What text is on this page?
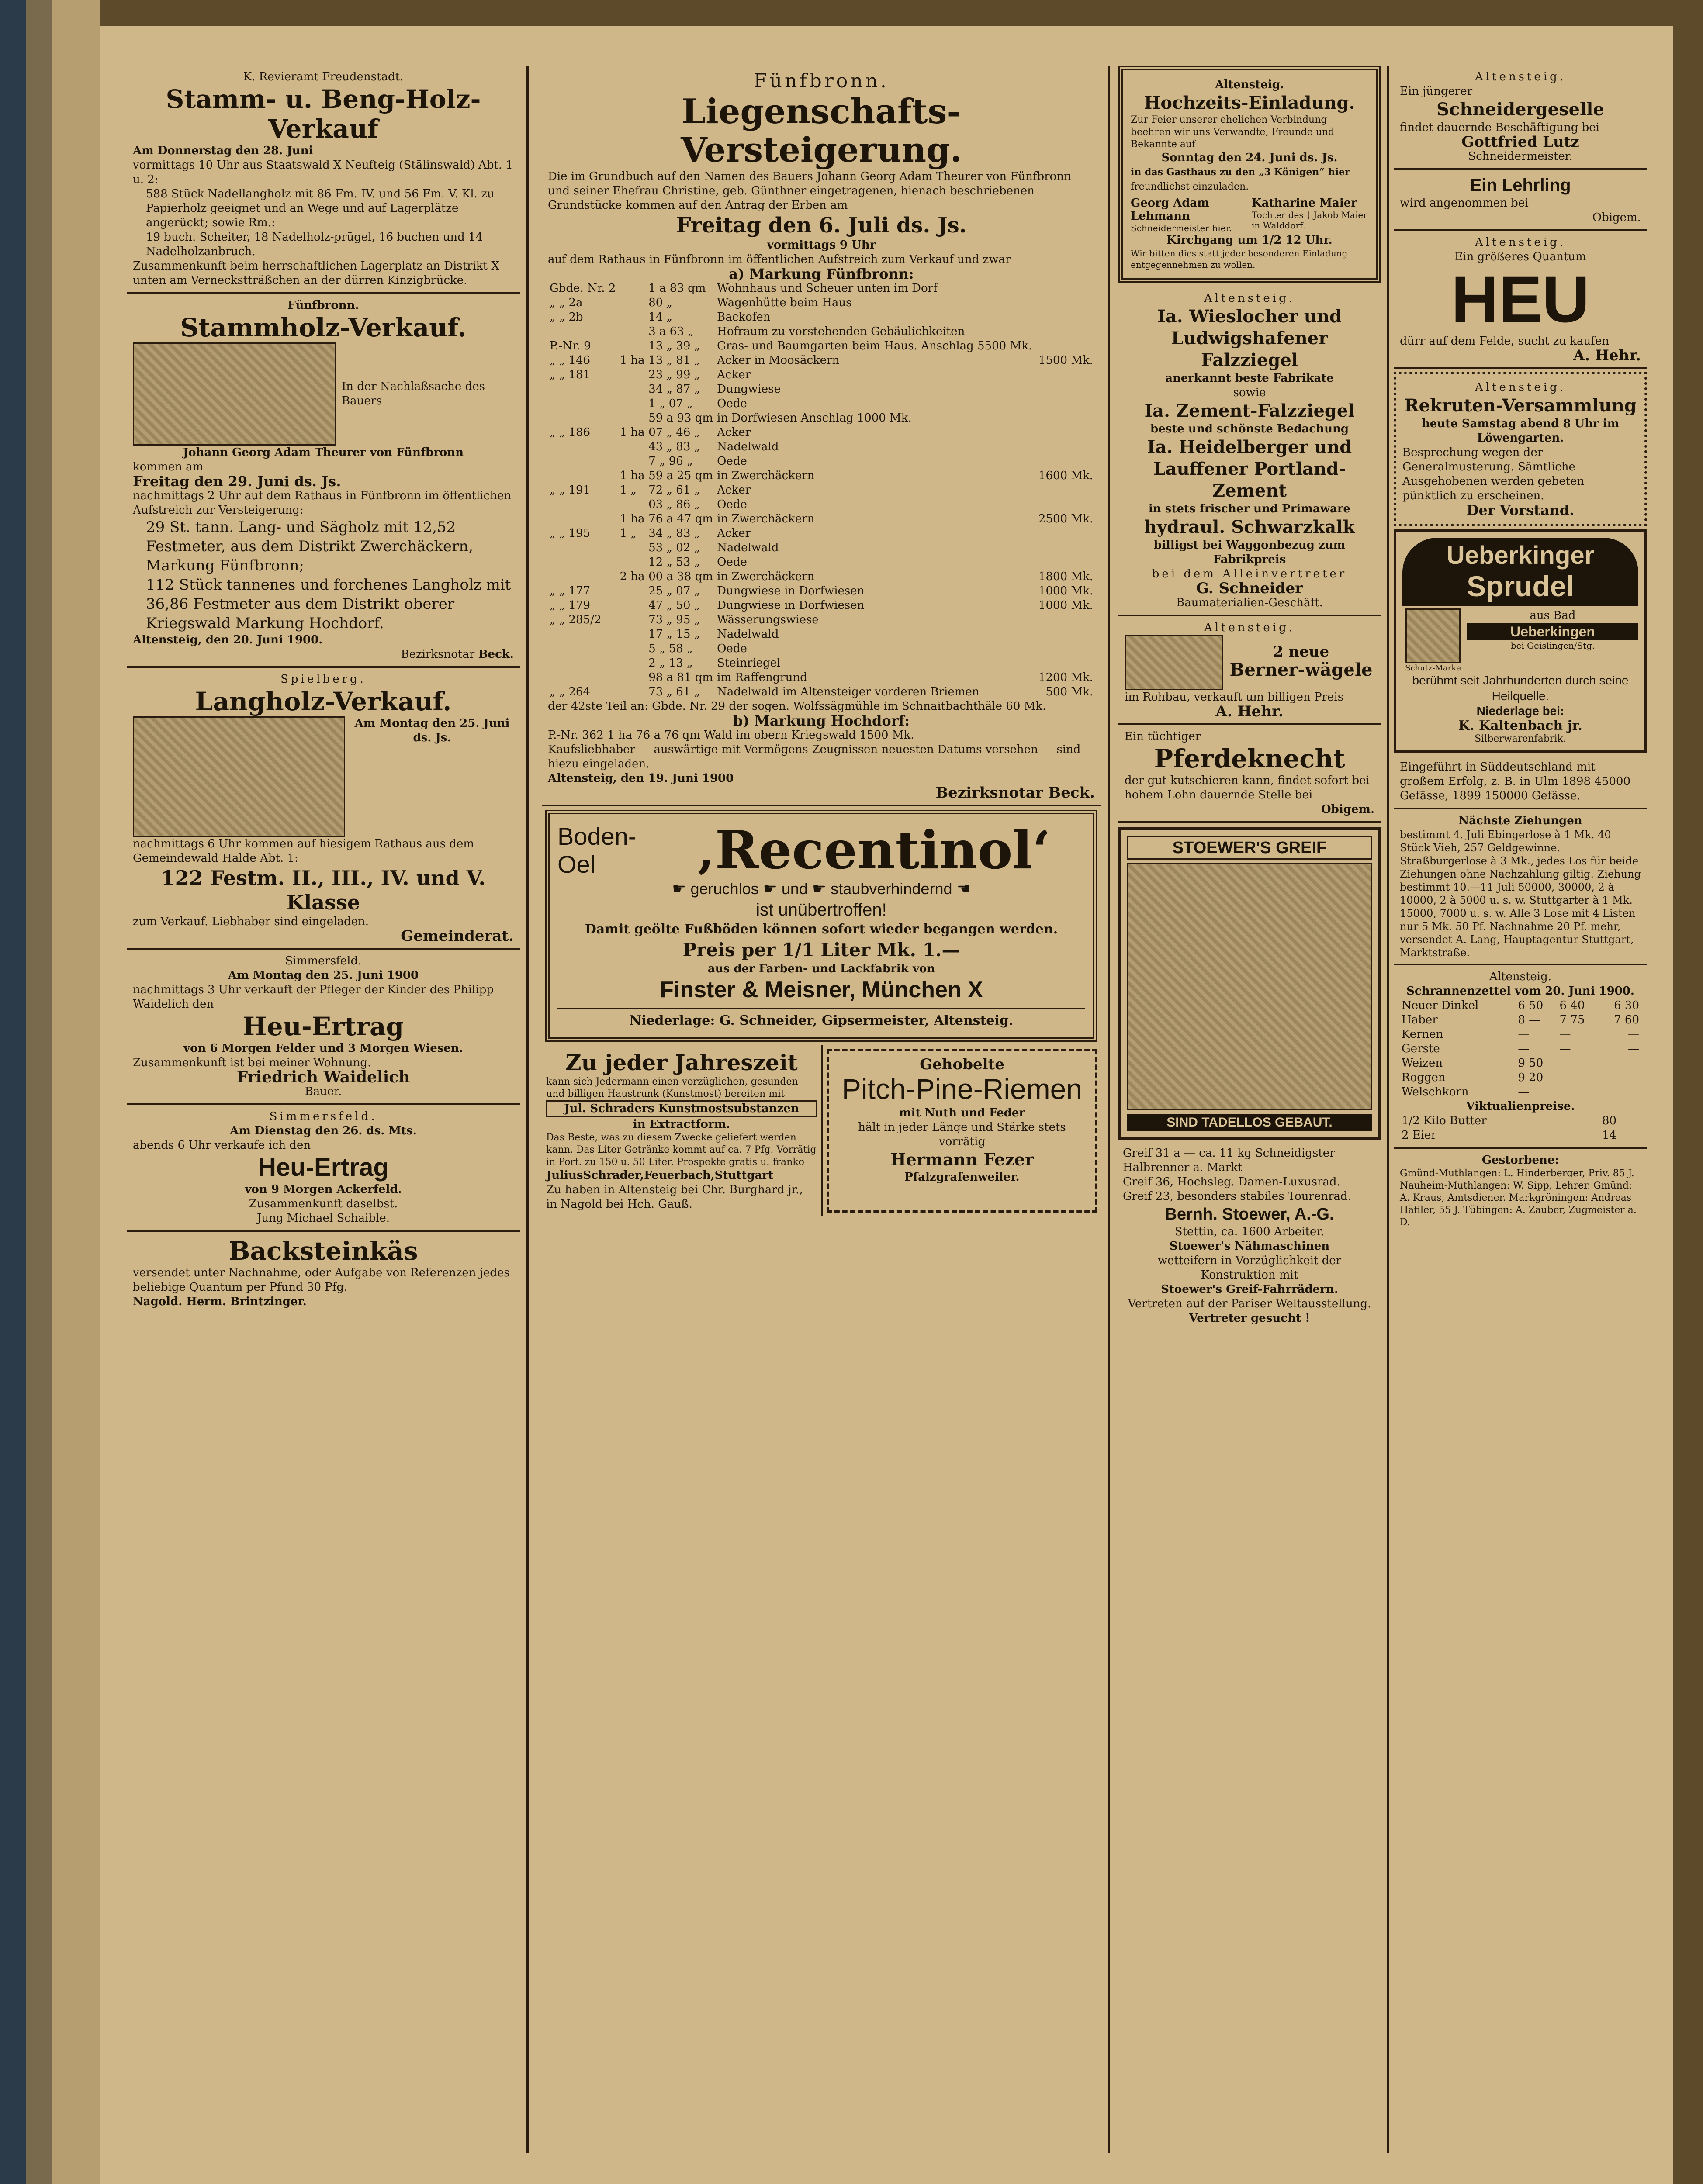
K. Revieramt Freudenstadt.

Stamm- u. Beng-Holz-Verkauf

Am Donnerstag den 28. Juni

vormittags 10 Uhr aus Staatswald X Neufteig (Stälinswald) Abt. 1 u. 2:

588 Stück Nadellangholz mit 86 Fm. IV. und 56 Fm. V. Kl. zu Papierholz geeignet und an Wege und auf Lagerplätze angerückt; sowie Rm.:

19 buch. Scheiter, 18 Nadelholz-prügel, 16 buchen und 14 Nadelholzanbruch.

Zusammenkunft beim herrschaftlichen Lagerplatz an Distrikt X unten am Verneckstträßchen an der dürren Kinzigbrücke.

Fünfbronn.

Stammholz-Verkauf.

In der Nachlaßsache des Bauers

Johann Georg Adam Theurer von Fünfbronn

kommen am

Freitag den 29. Juni ds. Js.

nachmittags 2 Uhr auf dem Rathaus in Fünfbronn im öffentlichen Aufstreich zur Versteigerung:

29 St. tann. Lang- und Sägholz mit 12,52 Festmeter, aus dem Distrikt Zwerchäckern, Markung Fünfbronn;

112 Stück tannenes und forchenes Langholz mit 36,86 Festmeter aus dem Distrikt oberer Kriegswald Markung Hochdorf.

Altensteig, den 20. Juni 1900.

Bezirksnotar Beck.

Spielberg.

Langholz-Verkauf.

Am Montag den 25. Juni ds. Js.

nachmittags 6 Uhr kommen auf hiesigem Rathaus aus dem Gemeindewald Halde Abt. 1:

122 Festm. II., III., IV. und V. Klasse

zum Verkauf. Liebhaber sind eingeladen.

Gemeinderat.

Simmersfeld.

Am Montag den 25. Juni 1900

nachmittags 3 Uhr verkauft der Pfleger der Kinder des Philipp Waidelich den

Heu-Ertrag

von 6 Morgen Felder und 3 Morgen Wiesen.

Zusammenkunft ist bei meiner Wohnung.

Friedrich Waidelich

Bauer.

Simmersfeld.

Am Dienstag den 26. ds. Mts.

abends 6 Uhr verkaufe ich den

Heu-Ertrag

von 9 Morgen Ackerfeld.

Zusammenkunft daselbst.

Jung Michael Schaible.

Backsteinkäs

versendet unter Nachnahme, oder Aufgabe von Referenzen jedes beliebige Quantum per Pfund 30 Pfg.

Nagold. Herm. Brintzinger.

Fünfbronn.

Liegenschafts-Versteigerung.

Die im Grundbuch auf den Namen des Bauers Johann Georg Adam Theurer von Fünfbronn und seiner Ehefrau Christine, geb. Günthner eingetragenen, hienach beschriebenen Grundstücke kommen auf den Antrag der Erben am

Freitag den 6. Juli ds. Js.

vormittags 9 Uhr

auf dem Rathaus in Fünfbronn im öffentlichen Aufstreich zum Verkauf und zwar

a) Markung Fünfbronn:

Gbde. Nr. 2		1 a 83 qm	Wohnhaus und Scheuer unten im Dorf	
„ „ 2a		80 „	Wagenhütte beim Haus	
„ „ 2b		14 „	Backofen	
		3 a 63 „	Hofraum zu vorstehenden Gebäulichkeiten	
P.-Nr. 9		13 „ 39 „	Gras- und Baumgarten beim Haus. Anschlag 5500 Mk.	
„ „ 146	1 ha	13 „ 81 „	Acker in Moosäckern	1500 Mk.
„ „ 181		23 „ 99 „	Acker	
		34 „ 87 „	Dungwiese	
		1 „ 07 „	Oede	
		59 a 93 qm	in Dorfwiesen Anschlag 1000 Mk.	
„ „ 186	1 ha	07 „ 46 „	Acker	
		43 „ 83 „	Nadelwald	
		7 „ 96 „	Oede	
	1 ha	59 a 25 qm	in Zwerchäckern	1600 Mk.
„ „ 191	1 „	72 „ 61 „	Acker	
		03 „ 86 „	Oede	
	1 ha	76 a 47 qm	in Zwerchäckern	2500 Mk.
„ „ 195	1 „	34 „ 83 „	Acker	
		53 „ 02 „	Nadelwald	
		12 „ 53 „	Oede	
	2 ha	00 a 38 qm	in Zwerchäckern	1800 Mk.
„ „ 177		25 „ 07 „	Dungwiese in Dorfwiesen	1000 Mk.
„ „ 179		47 „ 50 „	Dungwiese in Dorfwiesen	1000 Mk.
„ „ 285/2		73 „ 95 „	Wässerungswiese	
		17 „ 15 „	Nadelwald	
		5 „ 58 „	Oede	
		2 „ 13 „	Steinriegel	
		98 a 81 qm	im Raffengrund	1200 Mk.
„ „ 264		73 „ 61 „	Nadelwald im Altensteiger vorderen Briemen	500 Mk.

der 42ste Teil an: Gbde. Nr. 29 der sogen. Wolfssägmühle im Schnaitbachthäle 60 Mk.

b) Markung Hochdorf:

P.-Nr. 362 1 ha 76 a 76 qm Wald im obern Kriegswald 1500 Mk.

Kaufsliebhaber — auswärtige mit Vermögens-Zeugnissen neuesten Datums versehen — sind hiezu eingeladen.

Altensteig, den 19. Juni 1900

Bezirksnotar Beck.

Boden-Oel	‚Recentinol‘

☛ geruchlos ☛ und ☛ staubverhindernd ☚

ist unübertroffen!

Damit geölte Fußböden können sofort wieder begangen werden.

Preis per 1/1 Liter Mk. 1.—

aus der Farben- und Lackfabrik von

Finster & Meisner, München X

Niederlage: G. Schneider, Gipsermeister, Altensteig.

Zu jeder Jahreszeit

kann sich Jedermann einen vorzüglichen, gesunden und billigen Haustrunk (Kunstmost) bereiten mit

Jul. Schraders Kunstmostsubstanzen

in Extractform.

Das Beste, was zu diesem Zwecke geliefert werden kann. Das Liter Getränke kommt auf ca. 7 Pfg. Vorrätig in Port. zu 150 u. 50 Liter. Prospekte gratis u. franko

JuliusSchrader,Feuerbach,Stuttgart

Zu haben in Altensteig bei Chr. Burghard jr., in Nagold bei Hch. Gauß.

Gehobelte

Pitch-Pine-Riemen

mit Nuth und Feder

hält in jeder Länge und Stärke stets vorrätig

Hermann Fezer

Pfalzgrafenweiler.

Altensteig.

Hochzeits-Einladung.

Zur Feier unserer ehelichen Verbindung beehren wir uns Verwandte, Freunde und Bekannte auf

Sonntag den 24. Juni ds. Js.

in das Gasthaus zu den „3 Königen“ hier

freundlichst einzuladen.

Georg Adam Lehmann

Schneidermeister hier.

Katharine Maier

Tochter des † Jakob Maier in Walddorf.

Kirchgang um 1/2 12 Uhr.

Wir bitten dies statt jeder besonderen Einladung entgegennehmen zu wollen.

Altensteig.

Ia. Wieslocher und Ludwigshafener Falzziegel

anerkannt beste Fabrikate

sowie

Ia. Zement-Falzziegel

beste und schönste Bedachung

Ia. Heidelberger und Lauffener Portland-Zement

in stets frischer und Primaware

hydraul. Schwarzkalk

billigst bei Waggonbezug zum Fabrikpreis

bei dem Alleinvertreter

G. Schneider

Baumaterialien-Geschäft.

Altensteig.

2 neue

Berner-wägele

im Rohbau, verkauft um billigen Preis

A. Hehr.

Ein tüchtiger

Pferdeknecht

der gut kutschieren kann, findet sofort bei hohem Lohn dauernde Stelle bei

Obigem.

STOEWER'S GREIF

SIND TADELLOS GEBAUT.

Greif 31 a — ca. 11 kg Schneidigster Halbrenner a. Markt

Greif 36, Hochsleg. Damen-Luxusrad.

Greif 23, besonders stabiles Tourenrad.

Bernh. Stoewer, A.-G.

Stettin, ca. 1600 Arbeiter.

Stoewer's Nähmaschinen

wetteifern in Vorzüglichkeit der Konstruktion mit

Stoewer's Greif-Fahrrädern.

Vertreten auf der Pariser Weltausstellung.

Vertreter gesucht !

Altensteig.

Ein jüngerer

Schneidergeselle

findet dauernde Beschäftigung bei

Gottfried Lutz

Schneidermeister.

Ein Lehrling

wird angenommen bei

Obigem.

Altensteig.

Ein größeres Quantum

HEU

dürr auf dem Felde, sucht zu kaufen

A. Hehr.

Altensteig.

Rekruten-Versammlung

heute Samstag abend 8 Uhr im Löwengarten.

Besprechung wegen der Generalmusterung. Sämtliche Ausgehobenen werden gebeten pünktlich zu erscheinen.

Der Vorstand.

Ueberkinger

Sprudel

Schutz-Marke

aus Bad

Ueberkingen

bei Geislingen/Stg.

berühmt seit Jahrhunderten durch seine Heilquelle.

Niederlage bei:

K. Kaltenbach jr.

Silberwarenfabrik.

Eingeführt in Süddeutschland mit großem Erfolg, z. B. in Ulm 1898 45000 Gefässe, 1899 150000 Gefässe.

Nächste Ziehungen

bestimmt 4. Juli Ebingerlose à 1 Mk. 40 Stück Vieh, 257 Geldgewinne. Straßburgerlose à 3 Mk., jedes Los für beide Ziehungen ohne Nachzahlung giltig. Ziehung bestimmt 10.—11 Juli 50000, 30000, 2 à 10000, 2 à 5000 u. s. w. Stuttgarter à 1 Mk. 15000, 7000 u. s. w. Alle 3 Lose mit 4 Listen nur 5 Mk. 50 Pf. Nachnahme 20 Pf. mehr, versendet A. Lang, Hauptagentur Stuttgart, Marktstraße.

Altensteig.

Schrannenzettel vom 20. Juni 1900.

Neuer Dinkel	6 50	6 40	6 30
Haber	8 —	7 75	7 60
Kernen	—	—	—
Gerste	—	—	—
Weizen	9 50		
Roggen	9 20		
Welschkorn	—		

Viktualienpreise.

1/2 Kilo Butter	80
2 Eier	14

Gestorbene:

Gmünd-Muthlangen: L. Hinderberger, Priv. 85 J. Nauheim-Muthlangen: W. Sipp, Lehrer. Gmünd: A. Kraus, Amtsdiener. Markgröningen: Andreas Häfiler, 55 J. Tübingen: A. Zauber, Zugmeister a. D.
